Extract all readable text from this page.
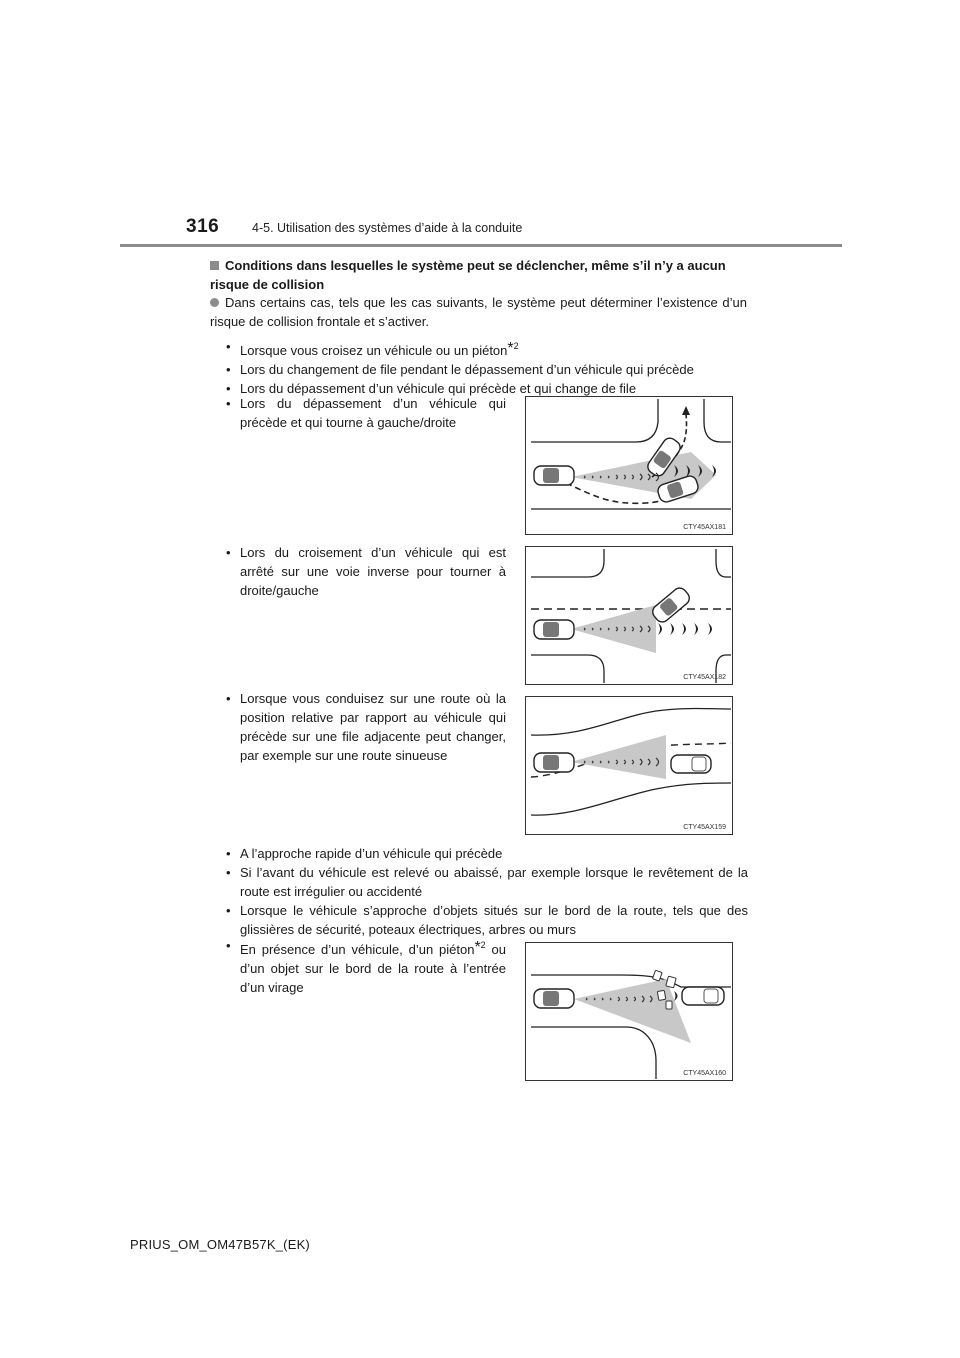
316	4-5. Utilisation des systèmes d’aide à la conduite
Conditions dans lesquelles le système peut se déclencher, même s’il n’y a aucun risque de collision
Dans certains cas, tels que les cas suivants, le système peut déterminer l’existence d’un risque de collision frontale et s’activer.
• Lorsque vous croisez un véhicule ou un piéton*$^2$
• Lors du changement de file pendant le dépassement d’un véhicule qui précède
• Lors du dépassement d’un véhicule qui précède et qui change de file
• Lors du dépassement d’un véhicule qui précède et qui tourne à gauche/droite
CTY45AX181
• Lors du croisement d’un véhicule qui est arrêté sur une voie inverse pour tourner à droite/gauche
CTY45AX182
• Lorsque vous conduisez sur une route où la position relative par rapport au véhicule qui précède sur une file adjacente peut changer, par exemple sur une route sinueuse
CTY45AX159
• A l’approche rapide d’un véhicule qui précède
• Si l’avant du véhicule est relevé ou abaissé, par exemple lorsque le revêtement de la route est irrégulier ou accidenté
• Lorsque le véhicule s’approche d’objets situés sur le bord de la route, tels que des glissières de sécurité, poteaux électriques, arbres ou murs
• En présence d’un véhicule, d’un piéton*$^2$ ou d’un objet sur le bord de la route à l’entrée d’un virage
CTY45AX160
PRIUS_OM_OM47B57K_(EK)
